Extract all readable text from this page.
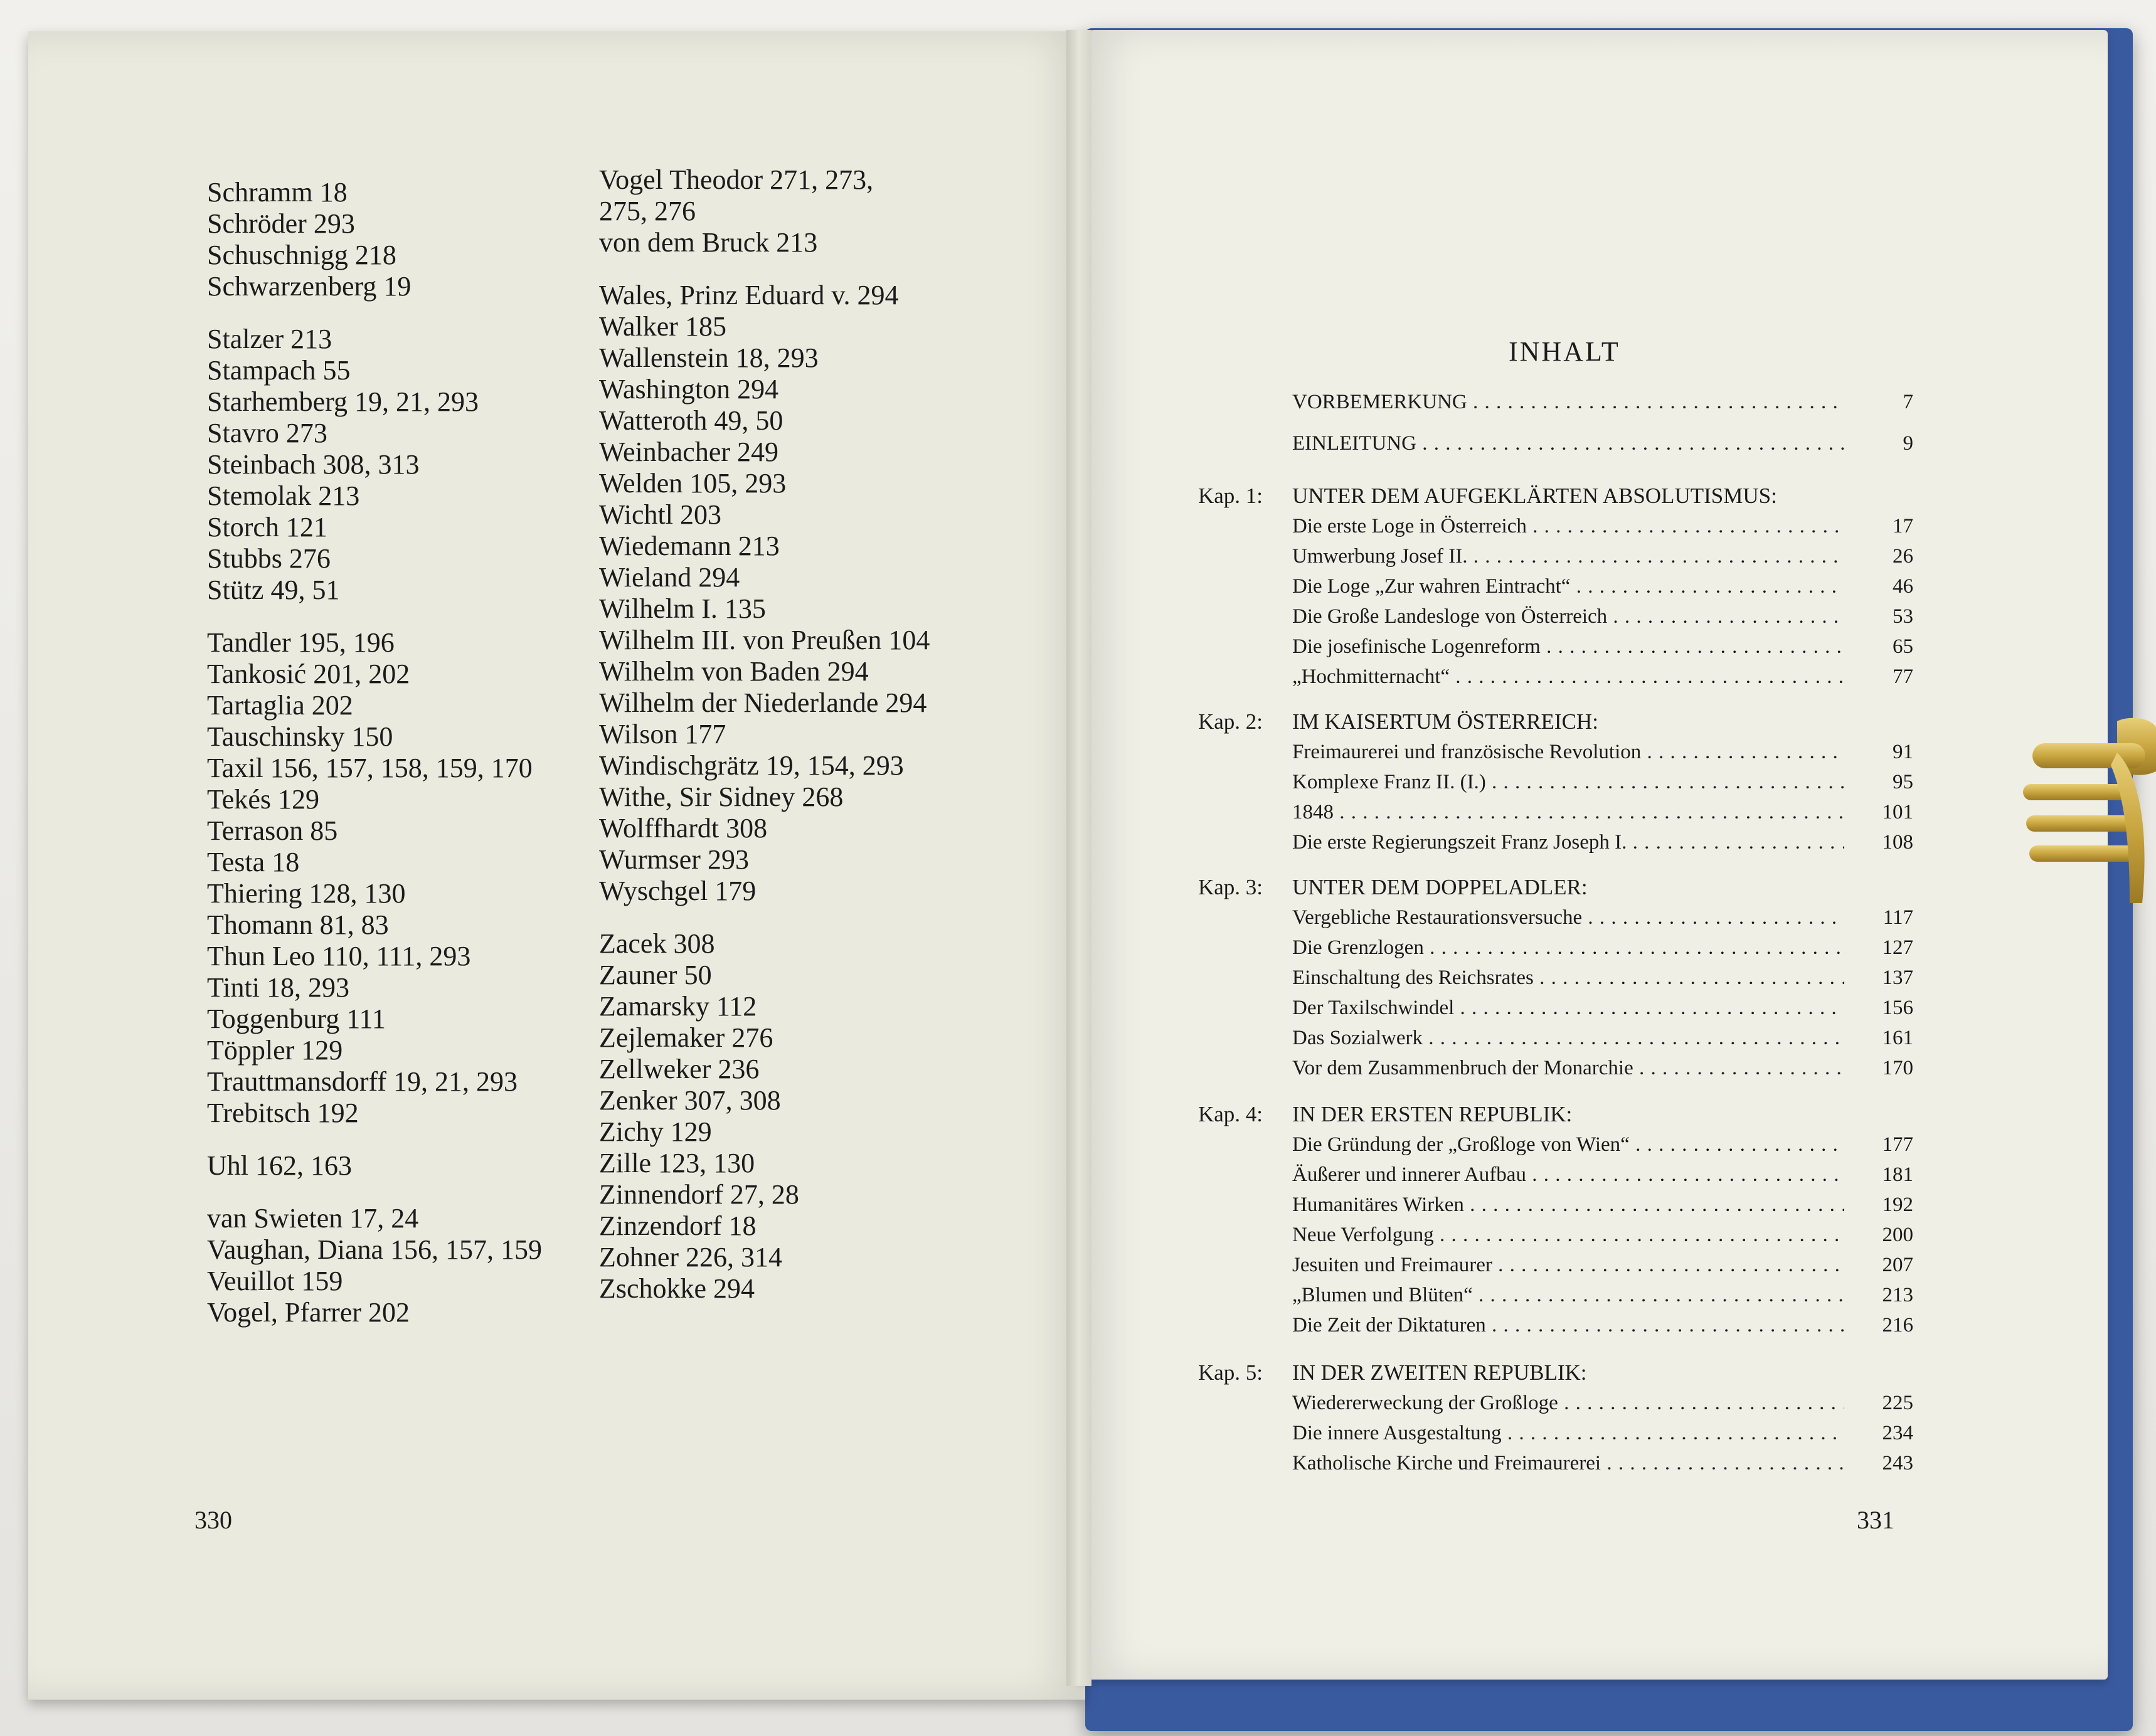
Schramm 18
Schröder 293
Schuschnigg 218
Schwarzenberg 19
Stalzer 213
Stampach 55
Starhemberg 19, 21, 293
Stavro 273
Steinbach 308, 313
Stemolak 213
Storch 121
Stubbs 276
Stütz 49, 51
Tandler 195, 196
Tankosić 201, 202
Tartaglia 202
Tauschinsky 150
Taxil 156, 157, 158, 159, 170
Tekés 129
Terrason 85
Testa 18
Thiering 128, 130
Thomann 81, 83
Thun Leo 110, 111, 293
Tinti 18, 293
Toggenburg 111
Töppler 129
Trauttmansdorff 19, 21, 293
Trebitsch 192
Uhl 162, 163
van Swieten 17, 24
Vaughan, Diana 156, 157, 159
Veuillot 159
Vogel, Pfarrer 202
Vogel Theodor 271, 273,
275, 276
von dem Bruck 213
Wales, Prinz Eduard v. 294
Walker 185
Wallenstein 18, 293
Washington 294
Watteroth 49, 50
Weinbacher 249
Welden 105, 293
Wichtl 203
Wiedemann 213
Wieland 294
Wilhelm I. 135
Wilhelm III. von Preußen 104
Wilhelm von Baden 294
Wilhelm der Niederlande 294
Wilson 177
Windischgrätz 19, 154, 293
Withe, Sir Sidney 268
Wolffhardt 308
Wurmser 293
Wyschgel 179
Zacek 308
Zauner 50
Zamarsky 112
Zejlemaker 276
Zellweker 236
Zenker 307, 308
Zichy 129
Zille 123, 130
Zinnendorf 27, 28
Zinzendorf 18
Zohner 226, 314
Zschokke 294
330
INHALT
VORBEMERKUNG . . .	7
EINLEITUNG . . .	9
Kap. 1:	UNTER DEM AUFGEKLÄRTEN ABSOLUTISMUS:
Die erste Loge in Österreich . . .	17
Umwerbung Josef II. . . .	26
Die Loge „Zur wahren Eintracht“ . . .	46
Die Große Landesloge von Österreich . . .	53
Die josefinische Logenreform . . .	65
„Hochmitternacht“ . . .	77
Kap. 2:	IM KAISERTUM ÖSTERREICH:
Freimaurerei und französische Revolution . . .	91
Komplexe Franz II. (I.) . . .	95
1848 . . .	101
Die erste Regierungszeit Franz Joseph I. . . .	108
Kap. 3:	UNTER DEM DOPPELADLER:
Vergebliche Restaurationsversuche . . .	117
Die Grenzlogen . . .	127
Einschaltung des Reichsrates . . .	137
Der Taxilschwindel . . .	156
Das Sozialwerk . . .	161
Vor dem Zusammenbruch der Monarchie . . .	170
Kap. 4:	IN DER ERSTEN REPUBLIK:
Die Gründung der „Großloge von Wien“ . . .	177
Äußerer und innerer Aufbau . . .	181
Humanitäres Wirken . . .	192
Neue Verfolgung . . .	200
Jesuiten und Freimaurer . . .	207
„Blumen und Blüten“ . . .	213
Die Zeit der Diktaturen . . .	216
Kap. 5:	IN DER ZWEITEN REPUBLIK:
Wiedererweckung der Großloge . . .	225
Die innere Ausgestaltung . . .	234
Katholische Kirche und Freimaurerei . . .	243
331
